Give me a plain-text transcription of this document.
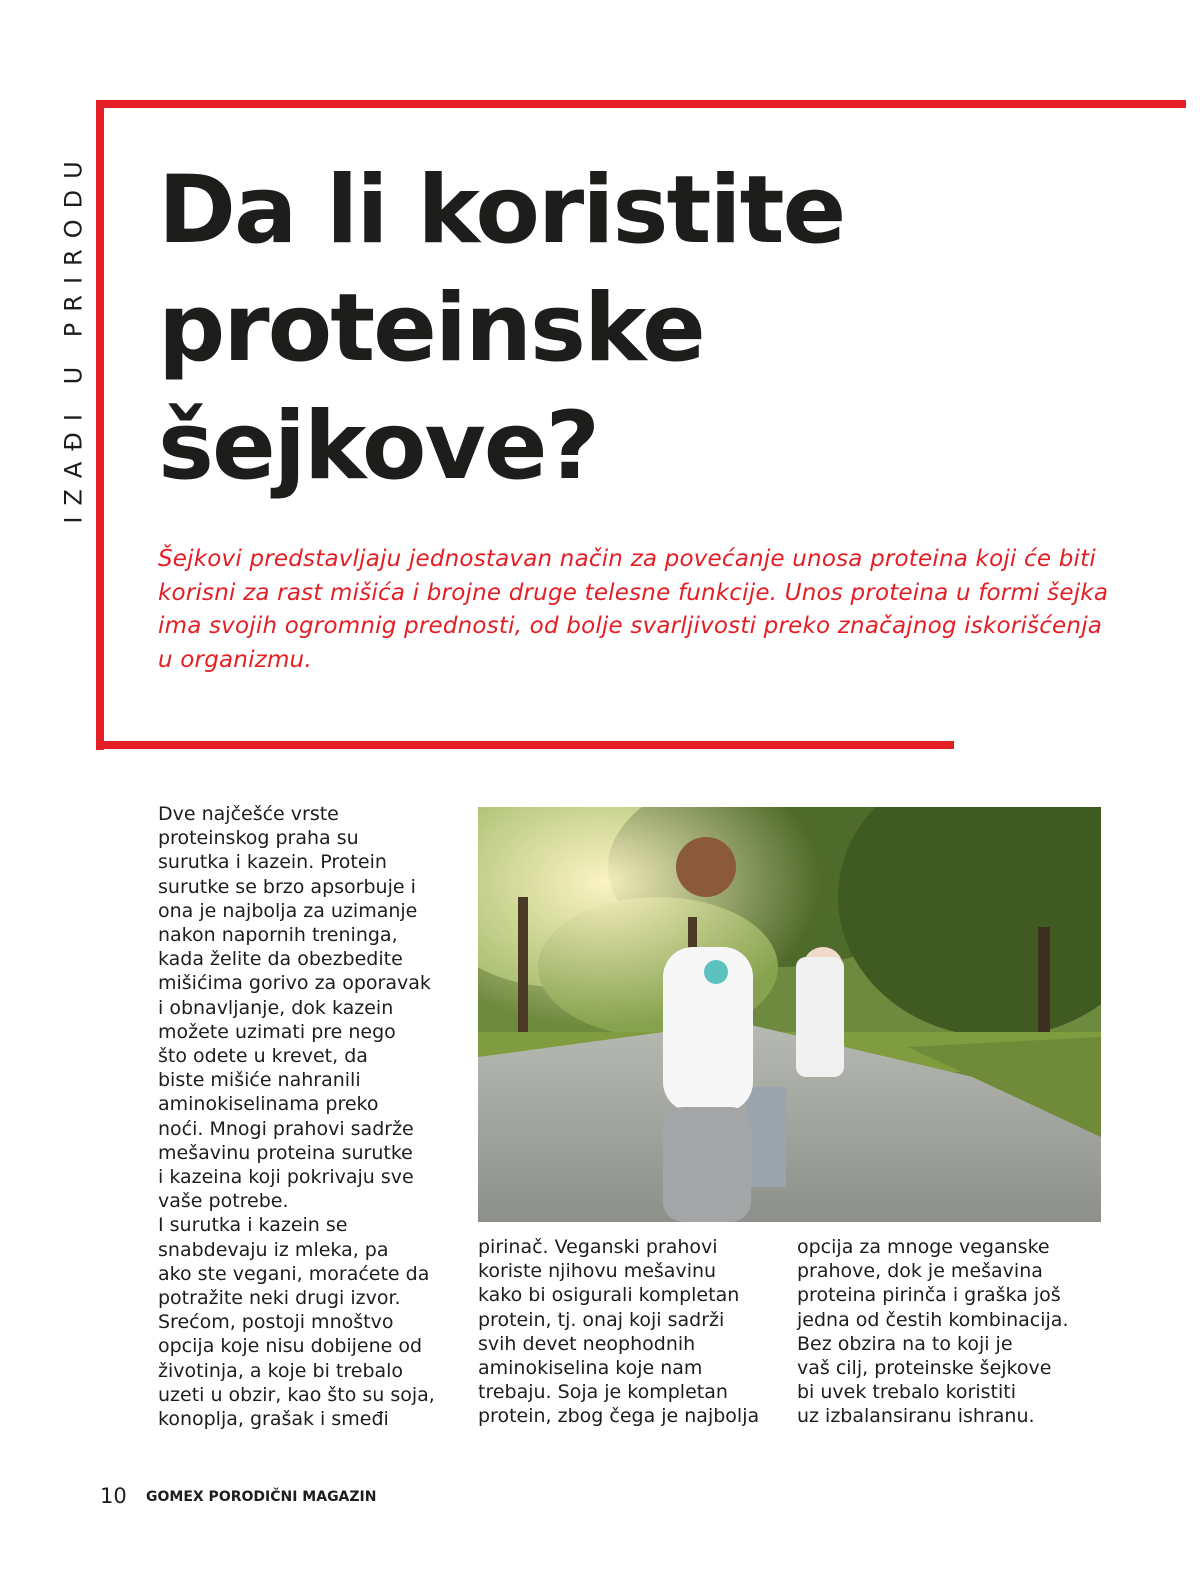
IZAĐI U PRIRODU Da li koristite
proteinske
šejkove?

Šejkovi predstavljaju jednostavan način za povećanje unosa proteina koji će biti korisni za rast mišića i brojne druge telesne funkcije. Unos proteina u formi šejka ima svojih ogromnig prednosti, od bolje svarljivosti preko značajnog iskorišćenja u organizmu.

Dve najčešće vrste
proteinskog praha su
surutka i kazein. Protein
surutke se brzo apsorbuje i
ona je najbolja za uzimanje
nakon napornih treninga,
kada želite da obezbedite
mišićima gorivo za oporavak
i obnavljanje, dok kazein
možete uzimati pre nego
što odete u krevet, da
biste mišiće nahranili
aminokiselinama preko
noći. Mnogi prahovi sadrže
mešavinu proteina surutke
i kazeina koji pokrivaju sve
vaše potrebe.
I surutka i kazein se
snabdevaju iz mleka, pa
ako ste vegani, moraćete da
potražite neki drugi izvor.
Srećom, postoji mnoštvo
opcija koje nisu dobijene od
životinja, a koje bi trebalo
uzeti u obzir, kao što su soja,
konoplja, grašak i smeđi
pirinač. Veganski prahovi
koriste njihovu mešavinu
kako bi osigurali kompletan
protein, tj. onaj koji sadrži
svih devet neophodnih
aminokiselina koje nam
trebaju. Soja je kompletan
protein, zbog čega je najbolja
opcija za mnoge veganske
prahove, dok je mešavina
proteina pirinča i graška još
jedna od čestih kombinacija.
Bez obzira na to koji je
vaš cilj, proteinske šejkove
bi uvek trebalo koristiti
uz izbalansiranu ishranu.
10 GOMEX PORODIČNI MAGAZIN
